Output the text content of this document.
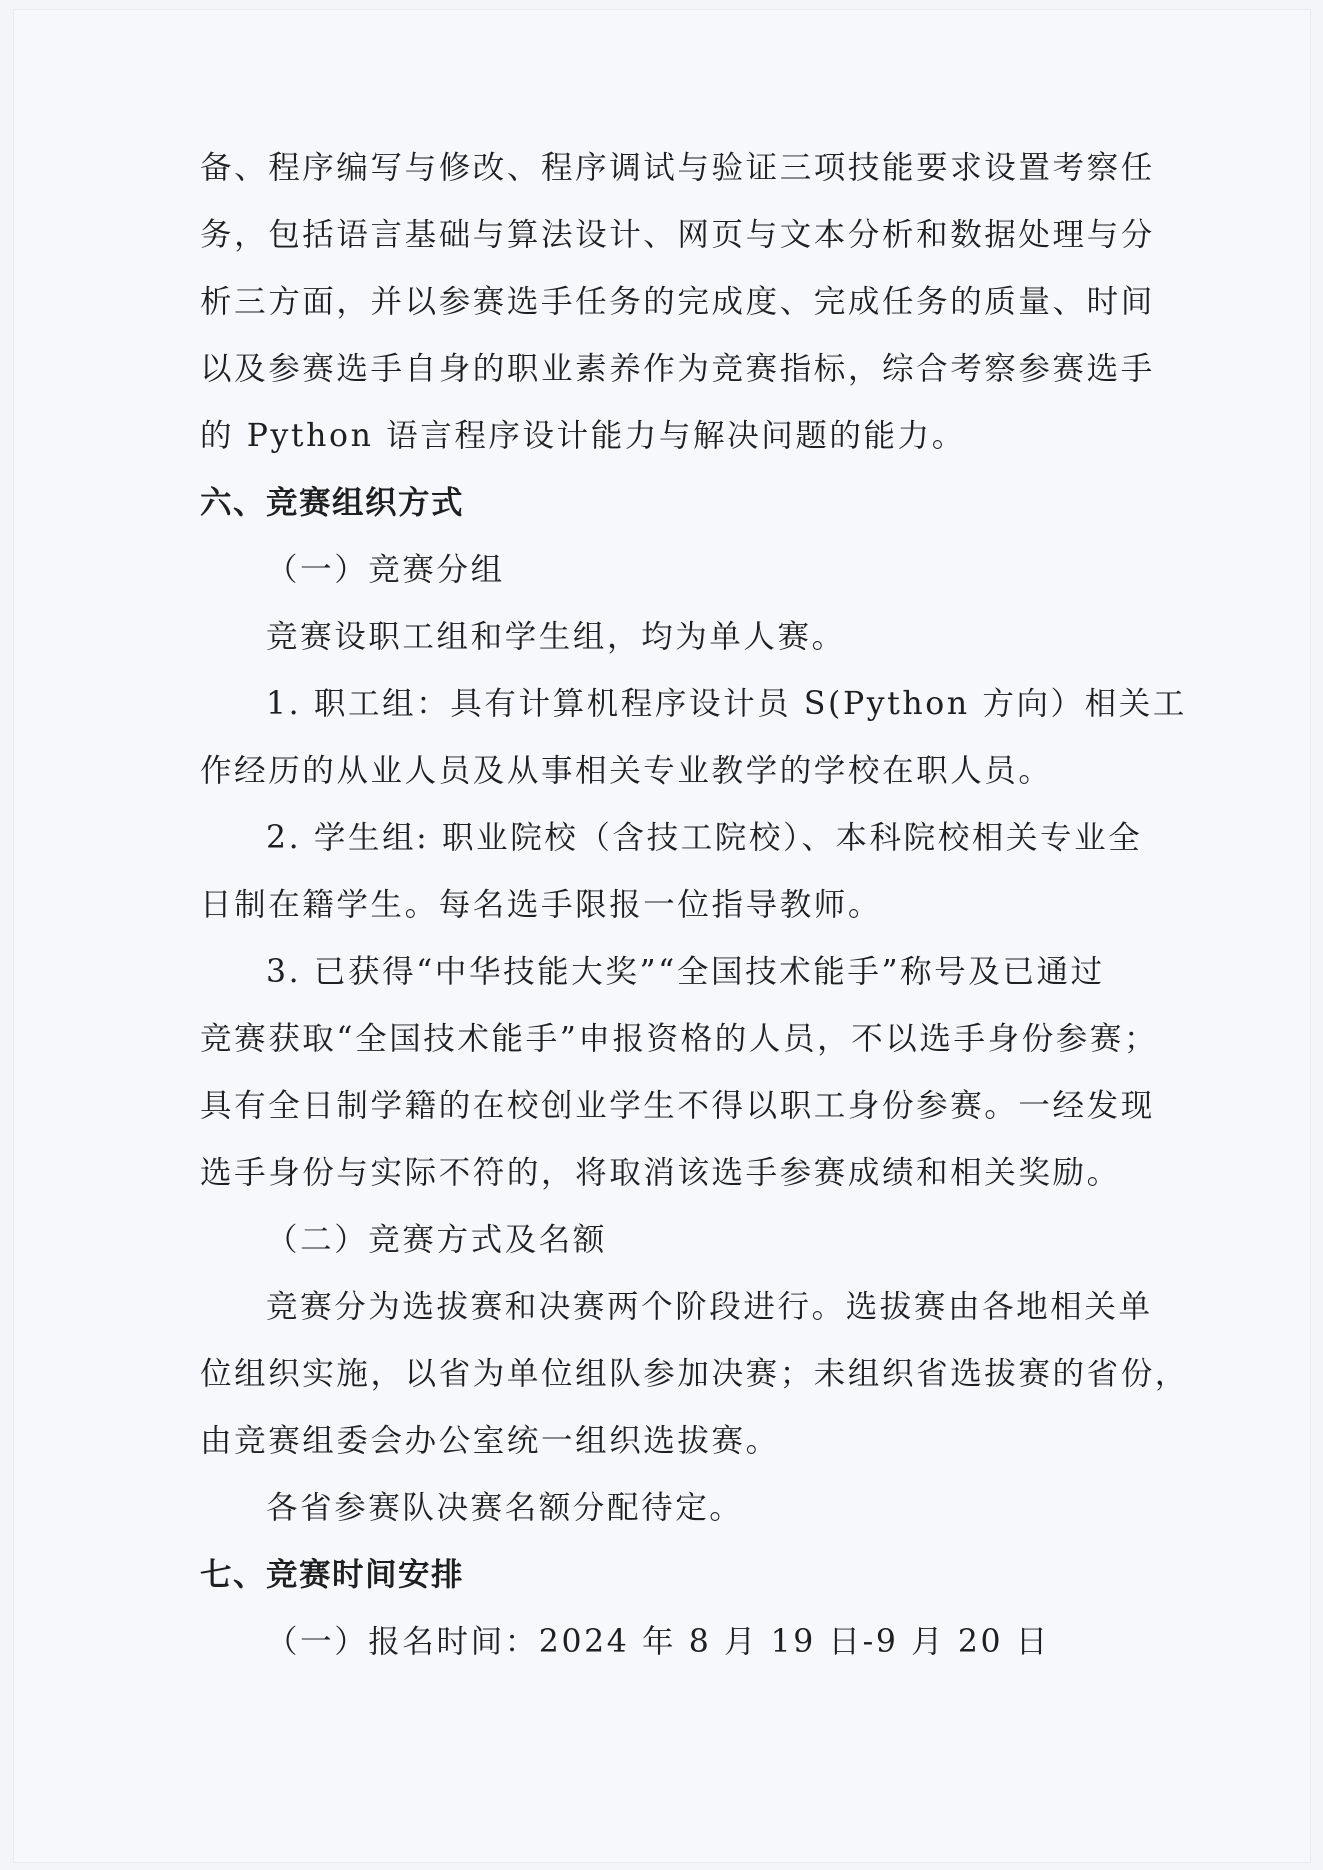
备、程序编写与修改、程序调试与验证三项技能要求设置考察任
务，包括语言基础与算法设计、网页与文本分析和数据处理与分
析三方面，并以参赛选手任务的完成度、完成任务的质量、时间
以及参赛选手自身的职业素养作为竞赛指标，综合考察参赛选手
的 Python 语言程序设计能力与解决问题的能力。
六、竞赛组织方式
（一）竞赛分组
竞赛设职工组和学生组，均为单人赛。
1. 职工组：具有计算机程序设计员 S(Python 方向）相关工
作经历的从业人员及从事相关专业教学的学校在职人员。
2. 学生组: 职业院校（含技工院校）、本科院校相关专业全
日制在籍学生。每名选手限报一位指导教师。
3. 已获得“中华技能大奖”“全国技术能手”称号及已通过
竞赛获取“全国技术能手”申报资格的人员，不以选手身份参赛；
具有全日制学籍的在校创业学生不得以职工身份参赛。一经发现
选手身份与实际不符的，将取消该选手参赛成绩和相关奖励。
（二）竞赛方式及名额
竞赛分为选拔赛和决赛两个阶段进行。选拔赛由各地相关单
位组织实施，以省为单位组队参加决赛；未组织省选拔赛的省份，
由竞赛组委会办公室统一组织选拔赛。
各省参赛队决赛名额分配待定。
七、竞赛时间安排
（一）报名时间：2024 年 8 月 19 日-9 月 20 日
